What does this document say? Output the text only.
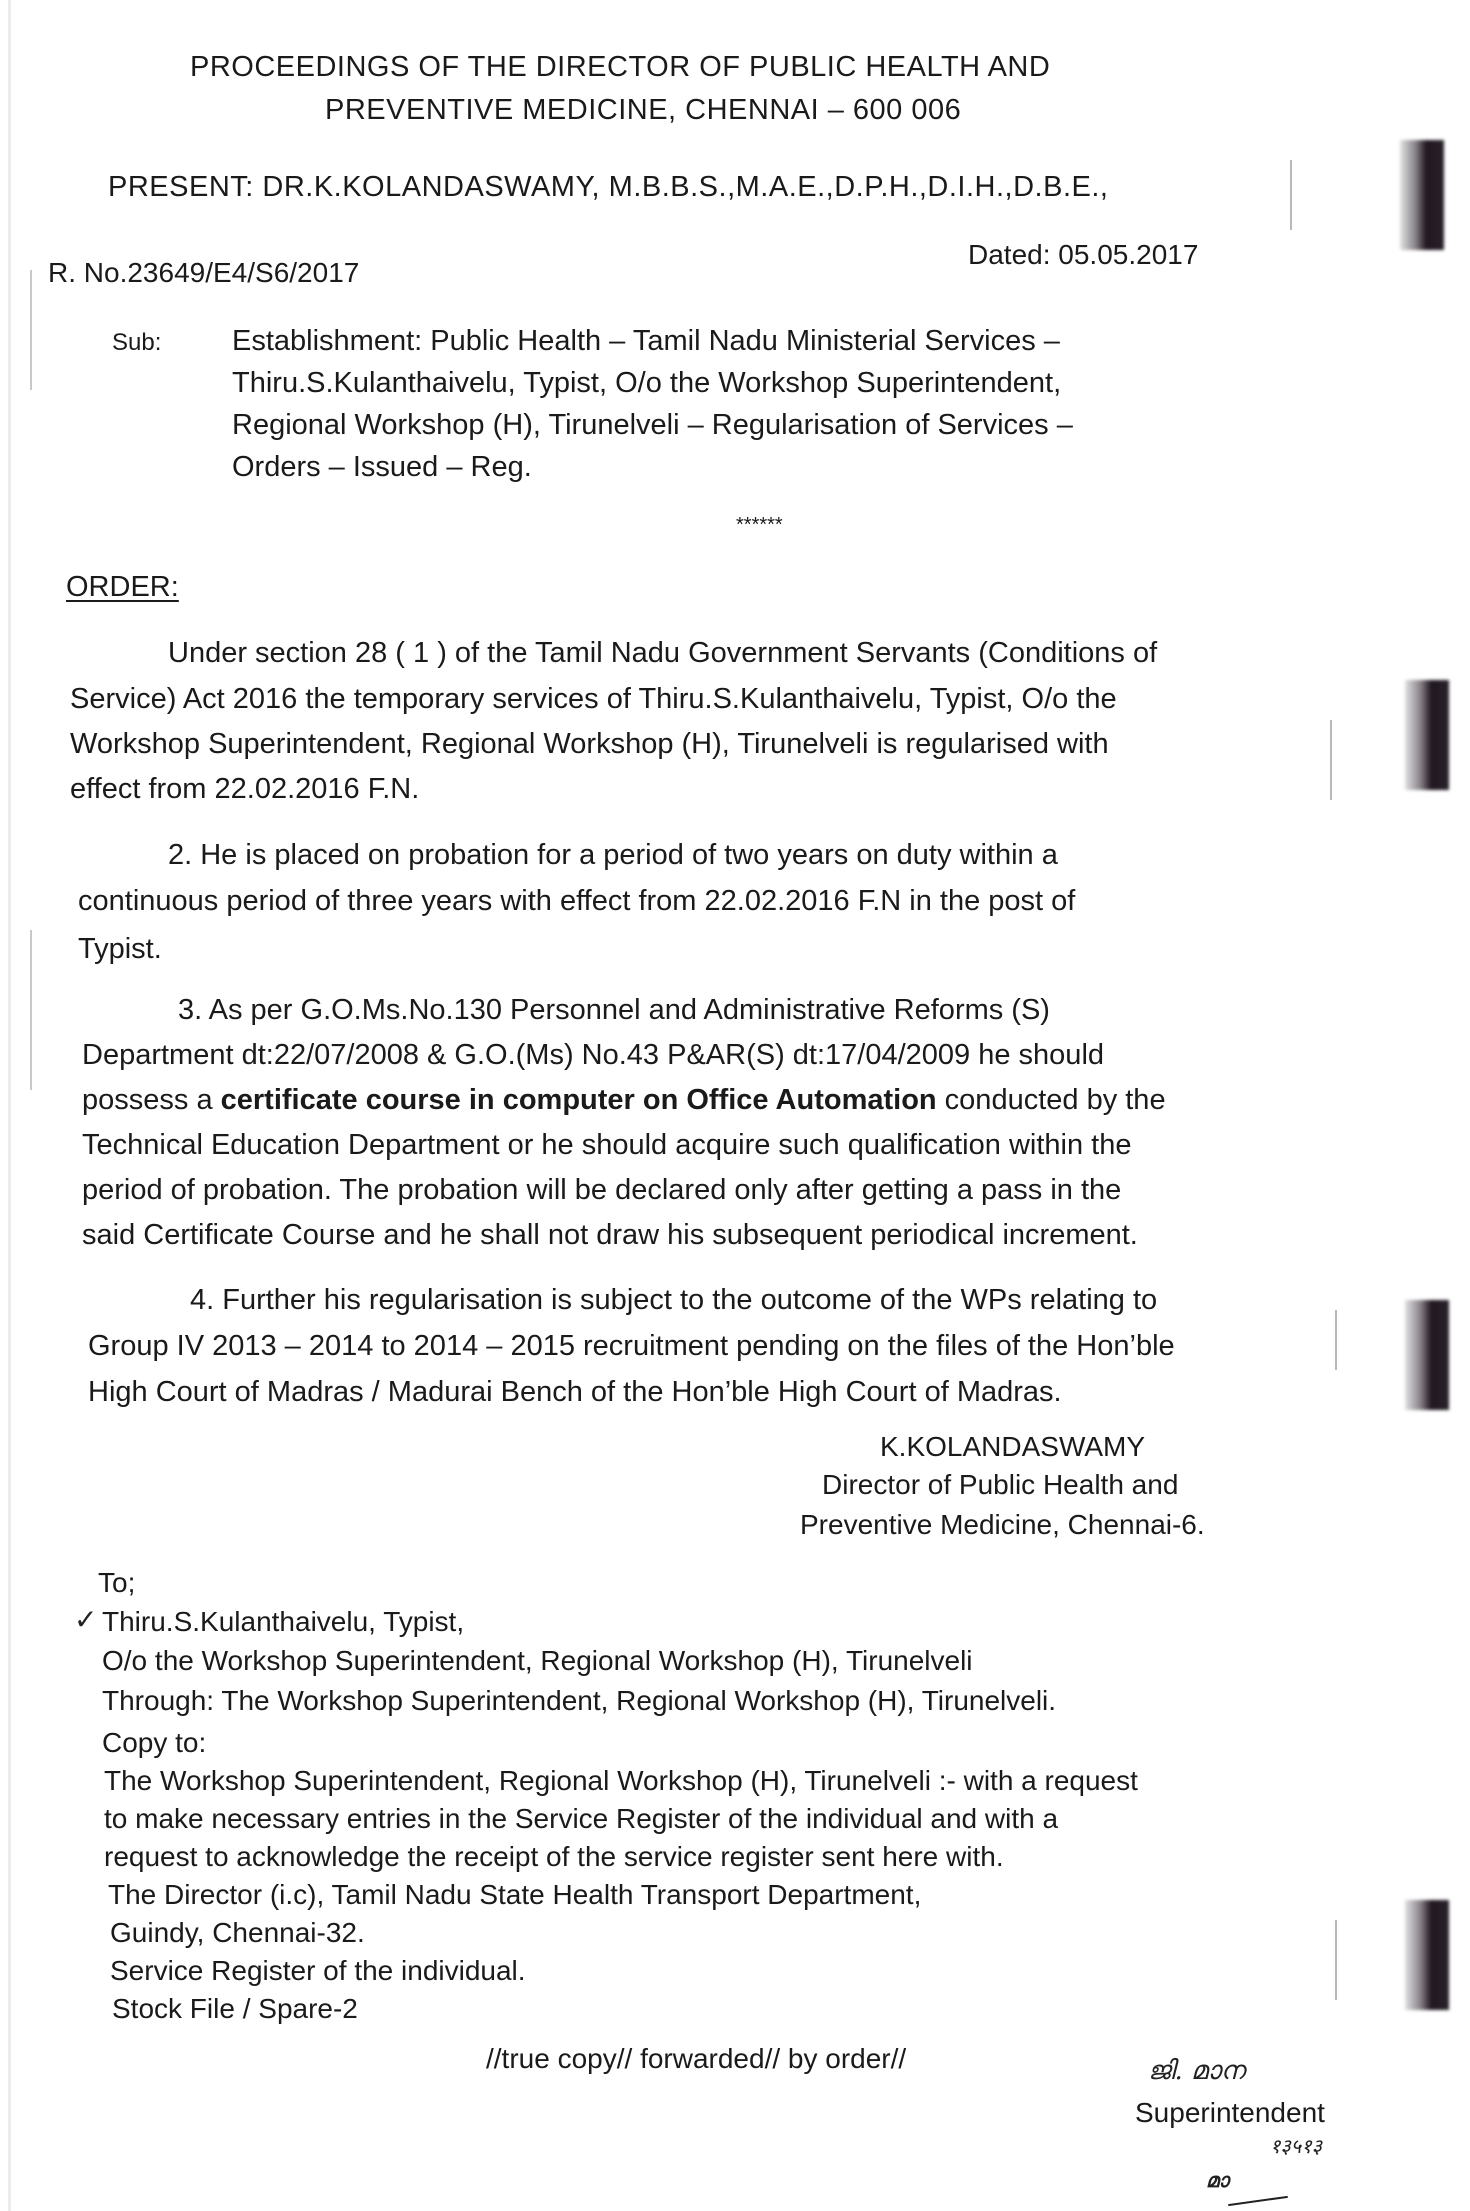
PROCEEDINGS OF THE DIRECTOR OF PUBLIC HEALTH AND
PREVENTIVE MEDICINE, CHENNAI – 600 006
PRESENT: DR.K.KOLANDASWAMY, M.B.B.S.,M.A.E.,D.P.H.,D.I.H.,D.B.E.,
R. No.23649/E4/S6/2017
Dated: 05.05.2017
Sub: Establishment: Public Health – Tamil Nadu Ministerial Services –
Thiru.S.Kulanthaivelu, Typist, O/o the Workshop Superintendent,
Regional Workshop (H), Tirunelveli – Regularisation of Services –
Orders – Issued – Reg.
******
ORDER:
Under section 28 ( 1 ) of the Tamil Nadu Government Servants (Conditions of
Service) Act 2016 the temporary services of Thiru.S.Kulanthaivelu, Typist, O/o the
Workshop Superintendent, Regional Workshop (H), Tirunelveli is regularised with
effect from 22.02.2016 F.N.
2. He is placed on probation for a period of two years on duty within a
continuous period of three years with effect from 22.02.2016 F.N in the post of
Typist.
3. As per G.O.Ms.No.130 Personnel and Administrative Reforms (S)
Department dt:22/07/2008 & G.O.(Ms) No.43 P&AR(S) dt:17/04/2009 he should
possess a certificate course in computer on Office Automation conducted by the
Technical Education Department or he should acquire such qualification within the
period of probation. The probation will be declared only after getting a pass in the
said Certificate Course and he shall not draw his subsequent periodical increment.
4. Further his regularisation is subject to the outcome of the WPs relating to
Group IV 2013 – 2014 to 2014 – 2015 recruitment pending on the files of the Hon’ble
High Court of Madras / Madurai Bench of the Hon’ble High Court of Madras.
K.KOLANDASWAMY
Director of Public Health and
Preventive Medicine, Chennai-6.
To;
✓ Thiru.S.Kulanthaivelu, Typist,
O/o the Workshop Superintendent, Regional Workshop (H), Tirunelveli
Through: The Workshop Superintendent, Regional Workshop (H), Tirunelveli.
Copy to:
The Workshop Superintendent, Regional Workshop (H), Tirunelveli :- with a request
to make necessary entries in the Service Register of the individual and with a
request to acknowledge the receipt of the service register sent here with.
The Director (i.c), Tamil Nadu State Health Transport Department,
Guindy, Chennai-32.
Service Register of the individual.
Stock File / Spare-2
//true copy// forwarded// by order//	ജി. മാന
Superintendent
१३५१३
മാ
